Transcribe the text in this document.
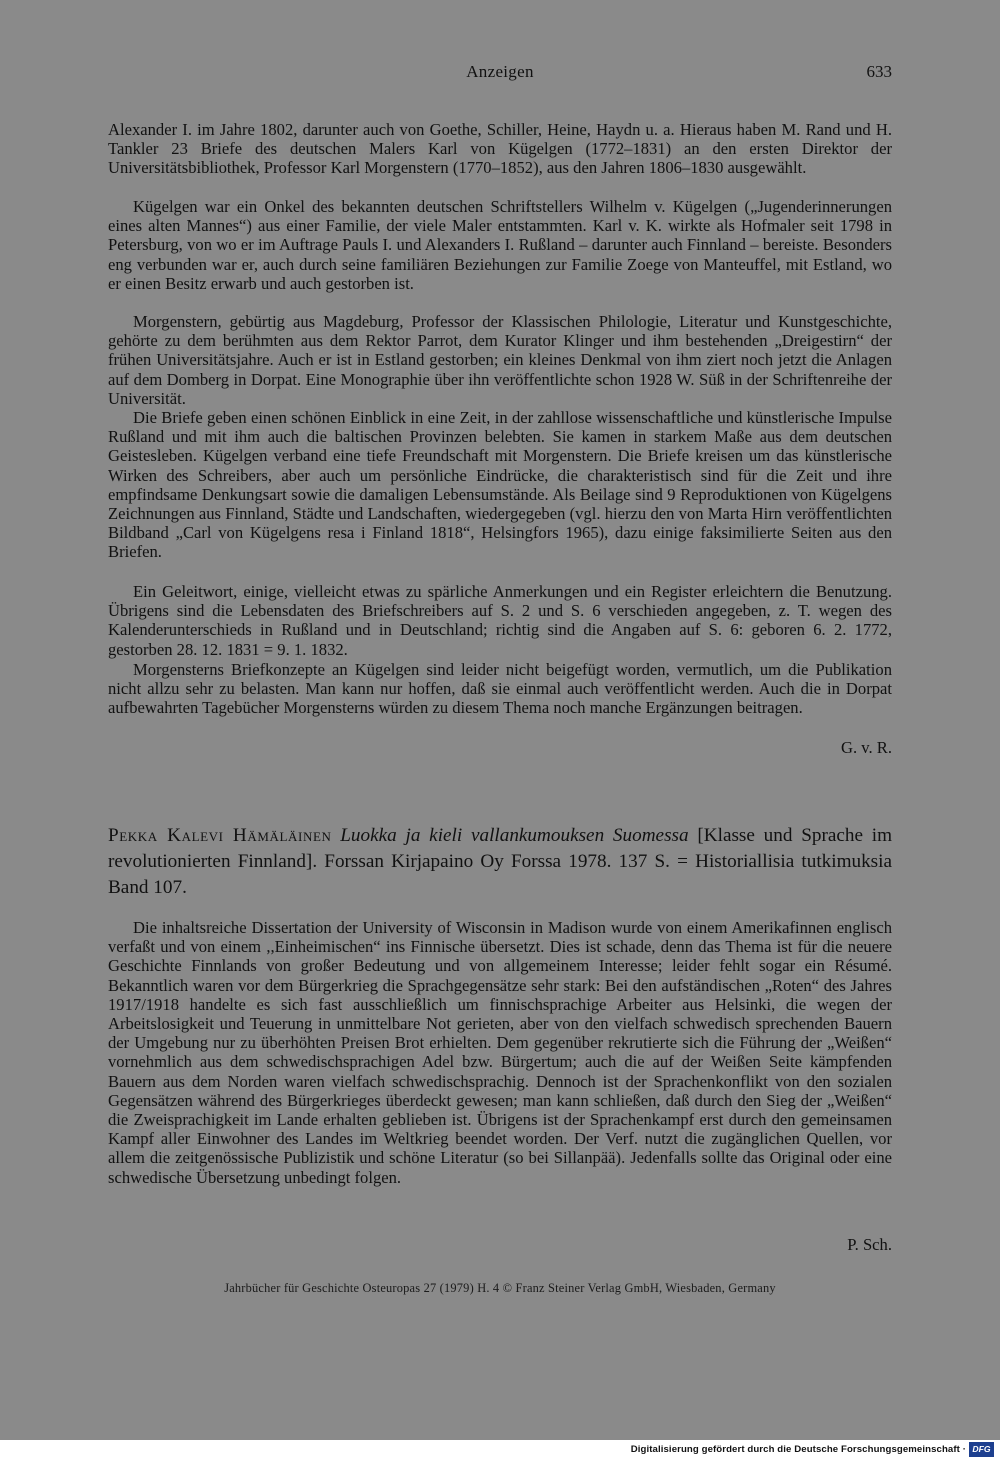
Anzeigen	633

Alexander I. im Jahre 1802, darunter auch von Goethe, Schiller, Heine, Haydn u. a. Hieraus haben M. Rand und H. Tankler 23 Briefe des deutschen Malers Karl von Kügelgen (1772–1831) an den ersten Direktor der Universitätsbibliothek, Professor Karl Morgenstern (1770–1852), aus den Jahren 1806–1830 ausgewählt.

Kügelgen war ein Onkel des bekannten deutschen Schriftstellers Wilhelm v. Kügelgen („Jugenderinnerungen eines alten Mannes“) aus einer Familie, der viele Maler entstammten. Karl v. K. wirkte als Hofmaler seit 1798 in Petersburg, von wo er im Auftrage Pauls I. und Alexanders I. Rußland – darunter auch Finnland – bereiste. Besonders eng verbunden war er, auch durch seine familiären Beziehungen zur Familie Zoege von Manteuffel, mit Estland, wo er einen Besitz erwarb und auch gestorben ist.

Morgenstern, gebürtig aus Magdeburg, Professor der Klassischen Philologie, Literatur und Kunstgeschichte, gehörte zu dem berühmten aus dem Rektor Parrot, dem Kurator Klinger und ihm bestehenden „Dreigestirn“ der frühen Universitätsjahre. Auch er ist in Estland gestorben; ein kleines Denkmal von ihm ziert noch jetzt die Anlagen auf dem Domberg in Dorpat. Eine Monographie über ihn veröffentlichte schon 1928 W. Süß in der Schriftenreihe der Universität.

Die Briefe geben einen schönen Einblick in eine Zeit, in der zahllose wissenschaftliche und künstlerische Impulse Rußland und mit ihm auch die baltischen Provinzen belebten. Sie kamen in starkem Maße aus dem deutschen Geistesleben. Kügelgen verband eine tiefe Freundschaft mit Morgenstern. Die Briefe kreisen um das künstlerische Wirken des Schreibers, aber auch um persönliche Eindrücke, die charakteristisch sind für die Zeit und ihre empfindsame Denkungsart sowie die damaligen Lebensumstände. Als Beilage sind 9 Reproduktionen von Kügelgens Zeichnungen aus Finnland, Städte und Landschaften, wiedergegeben (vgl. hierzu den von Marta Hirn veröffentlichten Bildband „Carl von Kügelgens resa i Finland 1818“, Helsingfors 1965), dazu einige faksimilierte Seiten aus den Briefen.

Ein Geleitwort, einige, vielleicht etwas zu spärliche Anmerkungen und ein Register erleichtern die Benutzung. Übrigens sind die Lebensdaten des Briefschreibers auf S. 2 und S. 6 verschieden angegeben, z. T. wegen des Kalenderunterschieds in Rußland und in Deutschland; richtig sind die Angaben auf S. 6: geboren 6. 2. 1772, gestorben 28. 12. 1831 = 9. 1. 1832.

Morgensterns Briefkonzepte an Kügelgen sind leider nicht beigefügt worden, vermutlich, um die Publikation nicht allzu sehr zu belasten. Man kann nur hoffen, daß sie einmal auch veröffentlicht werden. Auch die in Dorpat aufbewahrten Tagebücher Morgensterns würden zu diesem Thema noch manche Ergänzungen beitragen.

G. v. R.

Pekka Kalevi Hämäläinen Luokka ja kieli vallankumouksen Suomessa [Klasse und Sprache im revolutionierten Finnland]. Forssan Kirjapaino Oy Forssa 1978. 137 S. = Historiallisia tutkimuksia Band 107.

Die inhaltsreiche Dissertation der University of Wisconsin in Madison wurde von einem Amerikafinnen englisch verfaßt und von einem ,,Einheimischen“ ins Finnische übersetzt. Dies ist schade, denn das Thema ist für die neuere Geschichte Finnlands von großer Bedeutung und von allgemeinem Interesse; leider fehlt sogar ein Résumé. Bekanntlich waren vor dem Bürgerkrieg die Sprachgegensätze sehr stark: Bei den aufständischen „Roten“ des Jahres 1917/1918 handelte es sich fast ausschließlich um finnischsprachige Arbeiter aus Helsinki, die wegen der Arbeitslosigkeit und Teuerung in unmittelbare Not gerieten, aber von den vielfach schwedisch sprechenden Bauern der Umgebung nur zu überhöhten Preisen Brot erhielten. Dem gegenüber rekrutierte sich die Führung der „Weißen“ vornehmlich aus dem schwedischsprachigen Adel bzw. Bürgertum; auch die auf der Weißen Seite kämpfenden Bauern aus dem Norden waren vielfach schwedischsprachig. Dennoch ist der Sprachenkonflikt von den sozialen Gegensätzen während des Bürgerkrieges überdeckt gewesen; man kann schließen, daß durch den Sieg der „Weißen“ die Zweisprachigkeit im Lande erhalten geblieben ist. Übrigens ist der Sprachenkampf erst durch den gemeinsamen Kampf aller Einwohner des Landes im Weltkrieg beendet worden. Der Verf. nutzt die zugänglichen Quellen, vor allem die zeitgenössische Publizistik und schöne Literatur (so bei Sillanpää). Jedenfalls sollte das Original oder eine schwedische Übersetzung unbedingt folgen.

P. Sch.
Jahrbücher für Geschichte Osteuropas 27 (1979) H. 4 © Franz Steiner Verlag GmbH, Wiesbaden, Germany
Digitalisierung gefördert durch die Deutsche Forschungsgemeinschaft · DFG
